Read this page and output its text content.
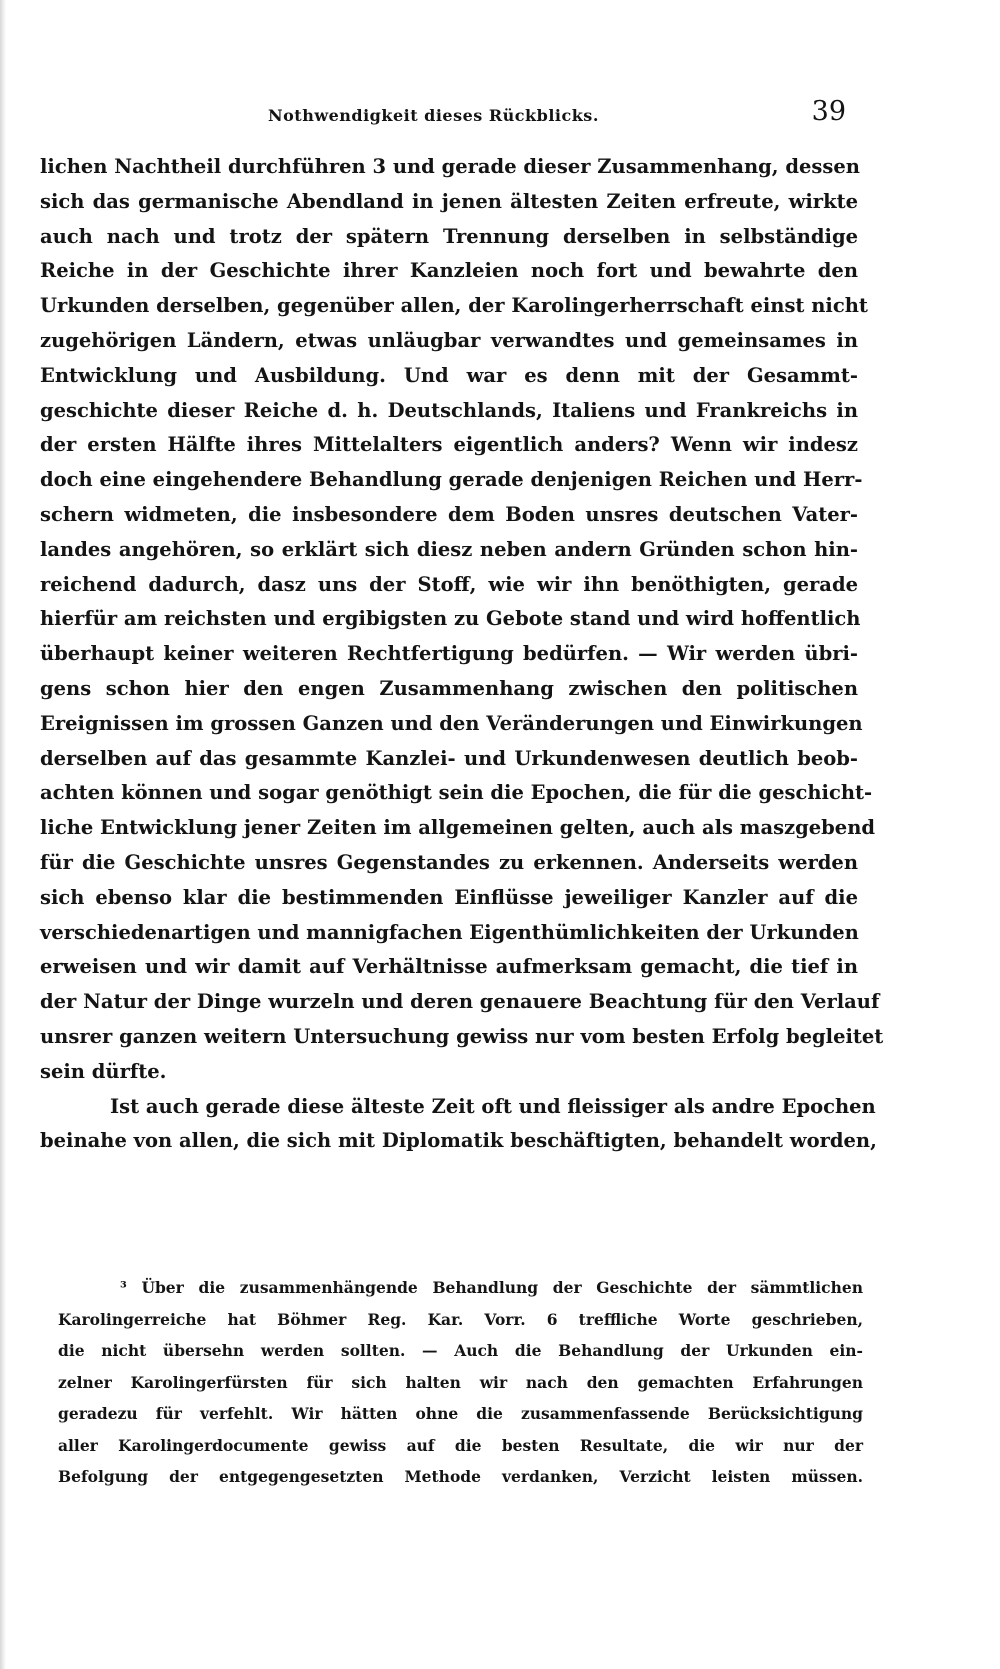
Nothwendigkeit dieses Rückblicks.	39
lichen Nachtheil durchführen 3 und gerade dieser Zusammenhang, dessen
sich das germanische Abendland in jenen ältesten Zeiten erfreute, wirkte
auch nach und trotz der spätern Trennung derselben in selbständige
Reiche in der Geschichte ihrer Kanzleien noch fort und bewahrte den
Urkunden derselben, gegenüber allen, der Karolingerherrschaft einst nicht
zugehörigen Ländern, etwas unläugbar verwandtes und gemeinsames in
Entwicklung und Ausbildung. Und war es denn mit der Gesammt-
geschichte dieser Reiche d. h. Deutschlands, Italiens und Frankreichs in
der ersten Hälfte ihres Mittelalters eigentlich anders? Wenn wir indesz
doch eine eingehendere Behandlung gerade denjenigen Reichen und Herr-
schern widmeten, die insbesondere dem Boden unsres deutschen Vater-
landes angehören, so erklärt sich diesz neben andern Gründen schon hin-
reichend dadurch, dasz uns der Stoff, wie wir ihn benöthigten, gerade
hierfür am reichsten und ergibigsten zu Gebote stand und wird hoffentlich
überhaupt keiner weiteren Rechtfertigung bedürfen. — Wir werden übri-
gens schon hier den engen Zusammenhang zwischen den politischen
Ereignissen im grossen Ganzen und den Veränderungen und Einwirkungen
derselben auf das gesammte Kanzlei- und Urkundenwesen deutlich beob-
achten können und sogar genöthigt sein die Epochen, die für die geschicht-
liche Entwicklung jener Zeiten im allgemeinen gelten, auch als maszgebend
für die Geschichte unsres Gegenstandes zu erkennen. Anderseits werden
sich ebenso klar die bestimmenden Einflüsse jeweiliger Kanzler auf die
verschiedenartigen und mannigfachen Eigenthümlichkeiten der Urkunden
erweisen und wir damit auf Verhältnisse aufmerksam gemacht, die tief in
der Natur der Dinge wurzeln und deren genauere Beachtung für den Verlauf
unsrer ganzen weitern Untersuchung gewiss nur vom besten Erfolg begleitet
sein dürfte.
Ist auch gerade diese älteste Zeit oft und fleissiger als andre Epochen
beinahe von allen, die sich mit Diplomatik beschäftigten, behandelt worden,
³ Über die zusammenhängende Behandlung der Geschichte der sämmtlichen
Karolingerreiche hat Böhmer Reg. Kar. Vorr. 6 treffliche Worte geschrieben,
die nicht übersehn werden sollten. — Auch die Behandlung der Urkunden ein-
zelner Karolingerfürsten für sich halten wir nach den gemachten Erfahrungen
geradezu für verfehlt. Wir hätten ohne die zusammenfassende Berücksichtigung
aller Karolingerdocumente gewiss auf die besten Resultate, die wir nur der
Befolgung der entgegengesetzten Methode verdanken, Verzicht leisten müssen.
